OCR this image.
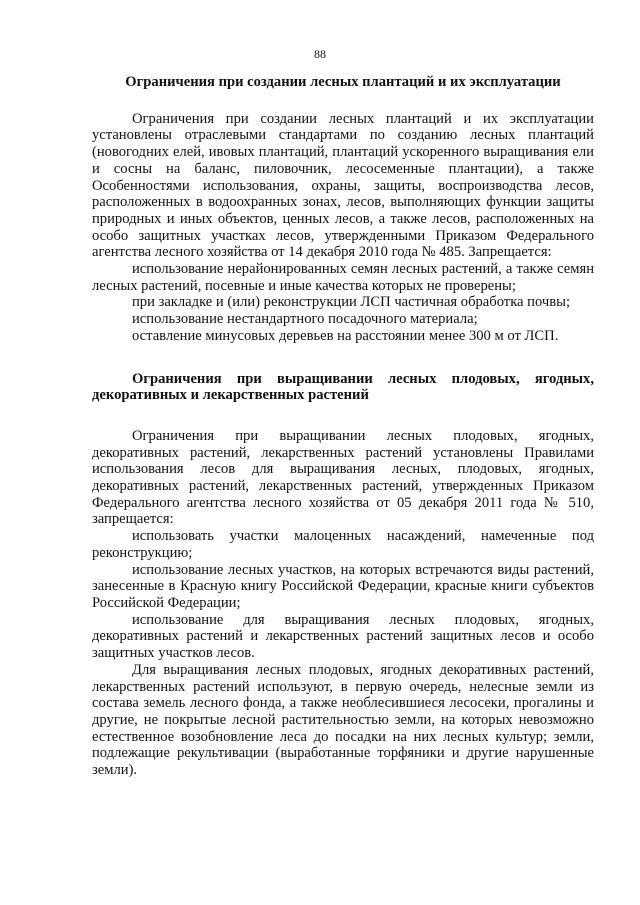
88
Ограничения при создании лесных плантаций и их эксплуатации

Ограничения при создании лесных плантаций и их эксплуатации установлены отраслевыми стандартами по созданию лесных плантаций (новогодних елей, ивовых плантаций, плантаций ускоренного выращивания ели и сосны на баланс, пиловочник, лесосеменные плантации), а также Особенностями использования, охраны, защиты, воспроизводства лесов, расположенных в водоохранных зонах, лесов, выполняющих функции защиты природных и иных объектов, ценных лесов, а также лесов, расположенных на особо защитных участках лесов, утвержденными Приказом Федерального агентства лесного хозяйства от 14 декабря 2010 года № 485. Запрещается:

использование нерайонированных семян лесных растений, а также семян лесных растений, посевные и иные качества которых не проверены;

при закладке и (или) реконструкции ЛСП частичная обработка почвы;

использование нестандартного посадочного материала;

оставление минусовых деревьев на расстоянии менее 300 м от ЛСП.

Ограничения при выращивании лесных плодовых, ягодных, декоративных и лекарственных растений

Ограничения при выращивании лесных плодовых, ягодных, декоративных растений, лекарственных растений установлены Правилами использования лесов для выращивания лесных, плодовых, ягодных, декоративных растений, лекарственных растений, утвержденных Приказом Федерального агентства лесного хозяйства от 05 декабря 2011 года № 510, запрещается:

использовать участки малоценных насаждений, намеченные под реконструкцию;

использование лесных участков, на которых встречаются виды растений, занесенные в Красную книгу Российской Федерации, красные книги субъектов Российской Федерации;

использование для выращивания лесных плодовых, ягодных, декоративных растений и лекарственных растений защитных лесов и особо защитных участков лесов.

Для выращивания лесных плодовых, ягодных декоративных растений, лекарственных растений используют, в первую очередь, нелесные земли из состава земель лесного фонда, а также необлесившиеся лесосеки, прогалины и другие, не покрытые лесной растительностью земли, на которых невозможно естественное возобновление леса до посадки на них лесных культур; земли, подлежащие рекультивации (выработанные торфяники и другие нарушенные земли).
